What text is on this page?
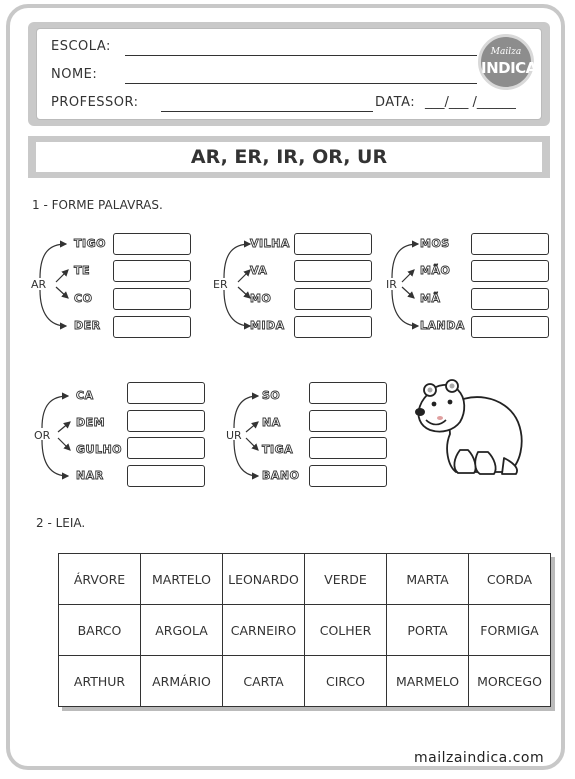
ESCOLA:
NOME:
PROFESSOR:	DATA: ___/___ /______
Mailza
INDICA
AR, ER, IR, OR, UR
1 - FORME PALAVRAS.
AR
TIGO
TE
CO
DER
ER
VILHA
VA
MO
MIDA
IR
MOS
MÃO
MÃ
LANDA
OR
CA
DEM
GULHO
NAR
UR
SO
NA
TIGA
BANO
2 - LEIA.
ÁRVORE	MARTELO	LEONARDO	VERDE	MARTA	CORDA
BARCO	ARGOLA	CARNEIRO	COLHER	PORTA	FORMIGA
ARTHUR	ARMÁRIO	CARTA	CIRCO	MARMELO	MORCEGO
mailzaindica.com
